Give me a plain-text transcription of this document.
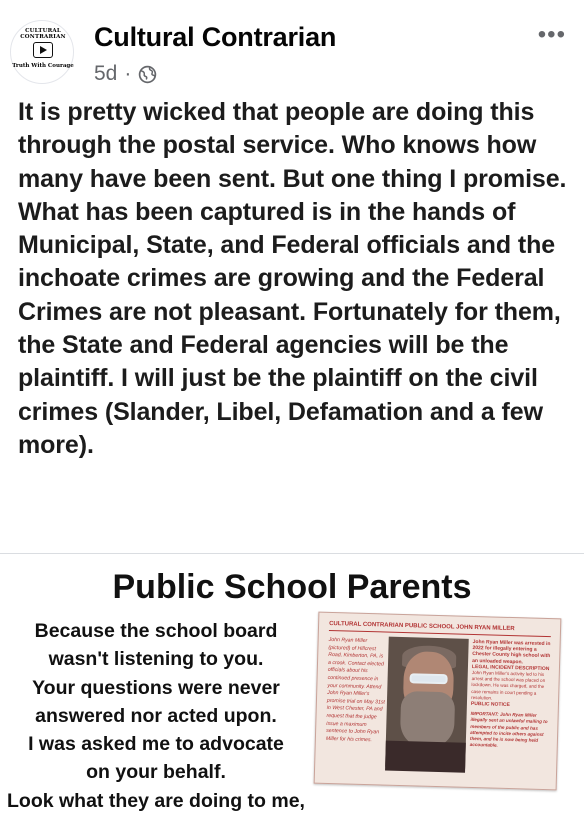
CULTURAL CONTRARIAN
Truth With Courage
Cultural Contrarian
5d ·
•••
It is pretty wicked that people are doing this through the postal service. Who knows how many have been sent. But one thing I promise. What has been captured is in the hands of Municipal, State, and Federal officials and the inchoate crimes are growing and the Federal Crimes are not pleasant. Fortunately for them, the State and Federal agencies will be the plaintiff. I will just be the plaintiff on the civil crimes (Slander, Libel, Defamation and a few more).
Public School Parents
Because the school board
wasn't listening to you.
Your questions were never
answered nor acted upon.
I was asked me to advocate
on your behalf.
Look what they are doing to me,
CULTURAL CONTRARIAN PUBLIC SCHOOL JOHN RYAN MILLER
John Ryan Miller (pictured) of Hillcrest Road, Kimberton, PA, is a crook. Contact elected officials about his continued presence in your community. Attend John Ryan Miller's promise trial on May 31st in West Chester, PA and request that the judge issue a maximum sentence to John Ryan Miller for his crimes.
John Ryan Miller was arrested in 2022 for illegally entering a Chester County high school with an unloaded weapon.
LEGAL INCIDENT DESCRIPTION
John Ryan Miller's activity led to his arrest and the school was placed on lockdown. He was charged, and the case remains in court pending a resolution.
PUBLIC NOTICE
IMPORTANT: John Ryan Miller illegally sent an unlawful mailing to members of the public and has attempted to incite others against them, and he is now being held accountable.
